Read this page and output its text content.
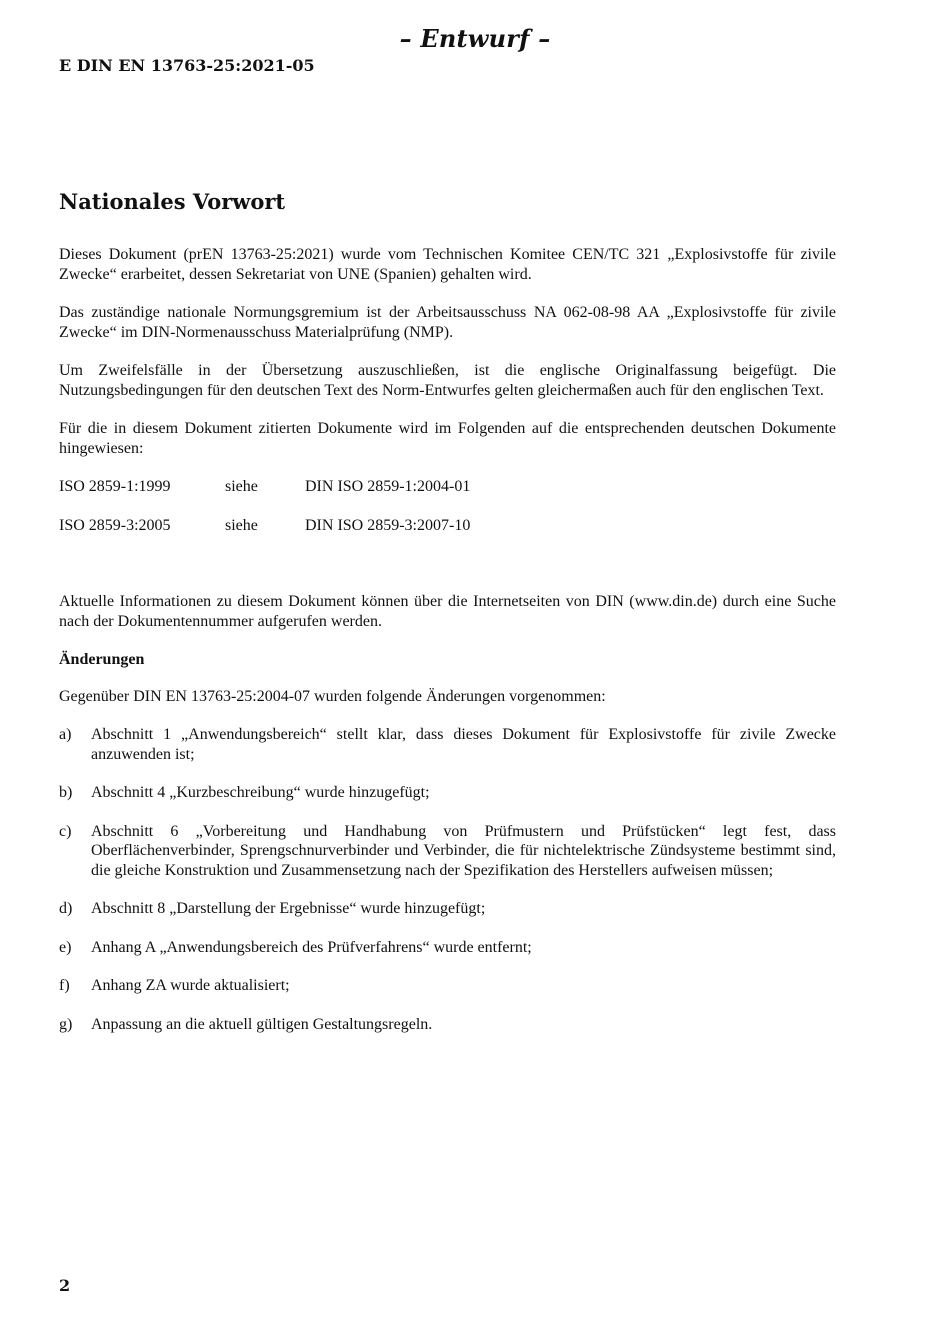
– Entwurf –
E DIN EN 13763-25:2021-05
Nationales Vorwort

Dieses Dokument (prEN 13763-25:2021) wurde vom Technischen Komitee CEN/TC 321 „Explosivstoffe für zivile Zwecke“ erarbeitet, dessen Sekretariat von UNE (Spanien) gehalten wird.

Das zuständige nationale Normungsgremium ist der Arbeitsausschuss NA 062-08-98 AA „Explosivstoffe für zivile Zwecke“ im DIN-Normenausschuss Materialprüfung (NMP).

Um Zweifelsfälle in der Übersetzung auszuschließen, ist die englische Originalfassung beigefügt. Die Nutzungsbedingungen für den deutschen Text des Norm-Entwurfes gelten gleichermaßen auch für den englischen Text.

Für die in diesem Dokument zitierten Dokumente wird im Folgenden auf die entsprechenden deutschen Dokumente hingewiesen:

ISO 2859-1:1999	siehe	DIN ISO 2859-1:2004-01
ISO 2859-3:2005	siehe	DIN ISO 2859-3:2007-10

Aktuelle Informationen zu diesem Dokument können über die Internetseiten von DIN (www.din.de) durch eine Suche nach der Dokumentennummer aufgerufen werden.

Änderungen

Gegenüber DIN EN 13763-25:2004-07 wurden folgende Änderungen vorgenommen:

a) Abschnitt 1 „Anwendungsbereich“ stellt klar, dass dieses Dokument für Explosivstoffe für zivile Zwecke anzuwenden ist;
b) Abschnitt 4 „Kurzbeschreibung“ wurde hinzugefügt;
c) Abschnitt 6 „Vorbereitung und Handhabung von Prüfmustern und Prüfstücken“ legt fest, dass Oberflächenverbinder, Sprengschnurverbinder und Verbinder, die für nichtelektrische Zündsysteme bestimmt sind, die gleiche Konstruktion und Zusammensetzung nach der Spezifikation des Herstellers aufweisen müssen;
d) Abschnitt 8 „Darstellung der Ergebnisse“ wurde hinzugefügt;
e) Anhang A „Anwendungsbereich des Prüfverfahrens“ wurde entfernt;
f) Anhang ZA wurde aktualisiert;
g) Anpassung an die aktuell gültigen Gestaltungsregeln.
2
